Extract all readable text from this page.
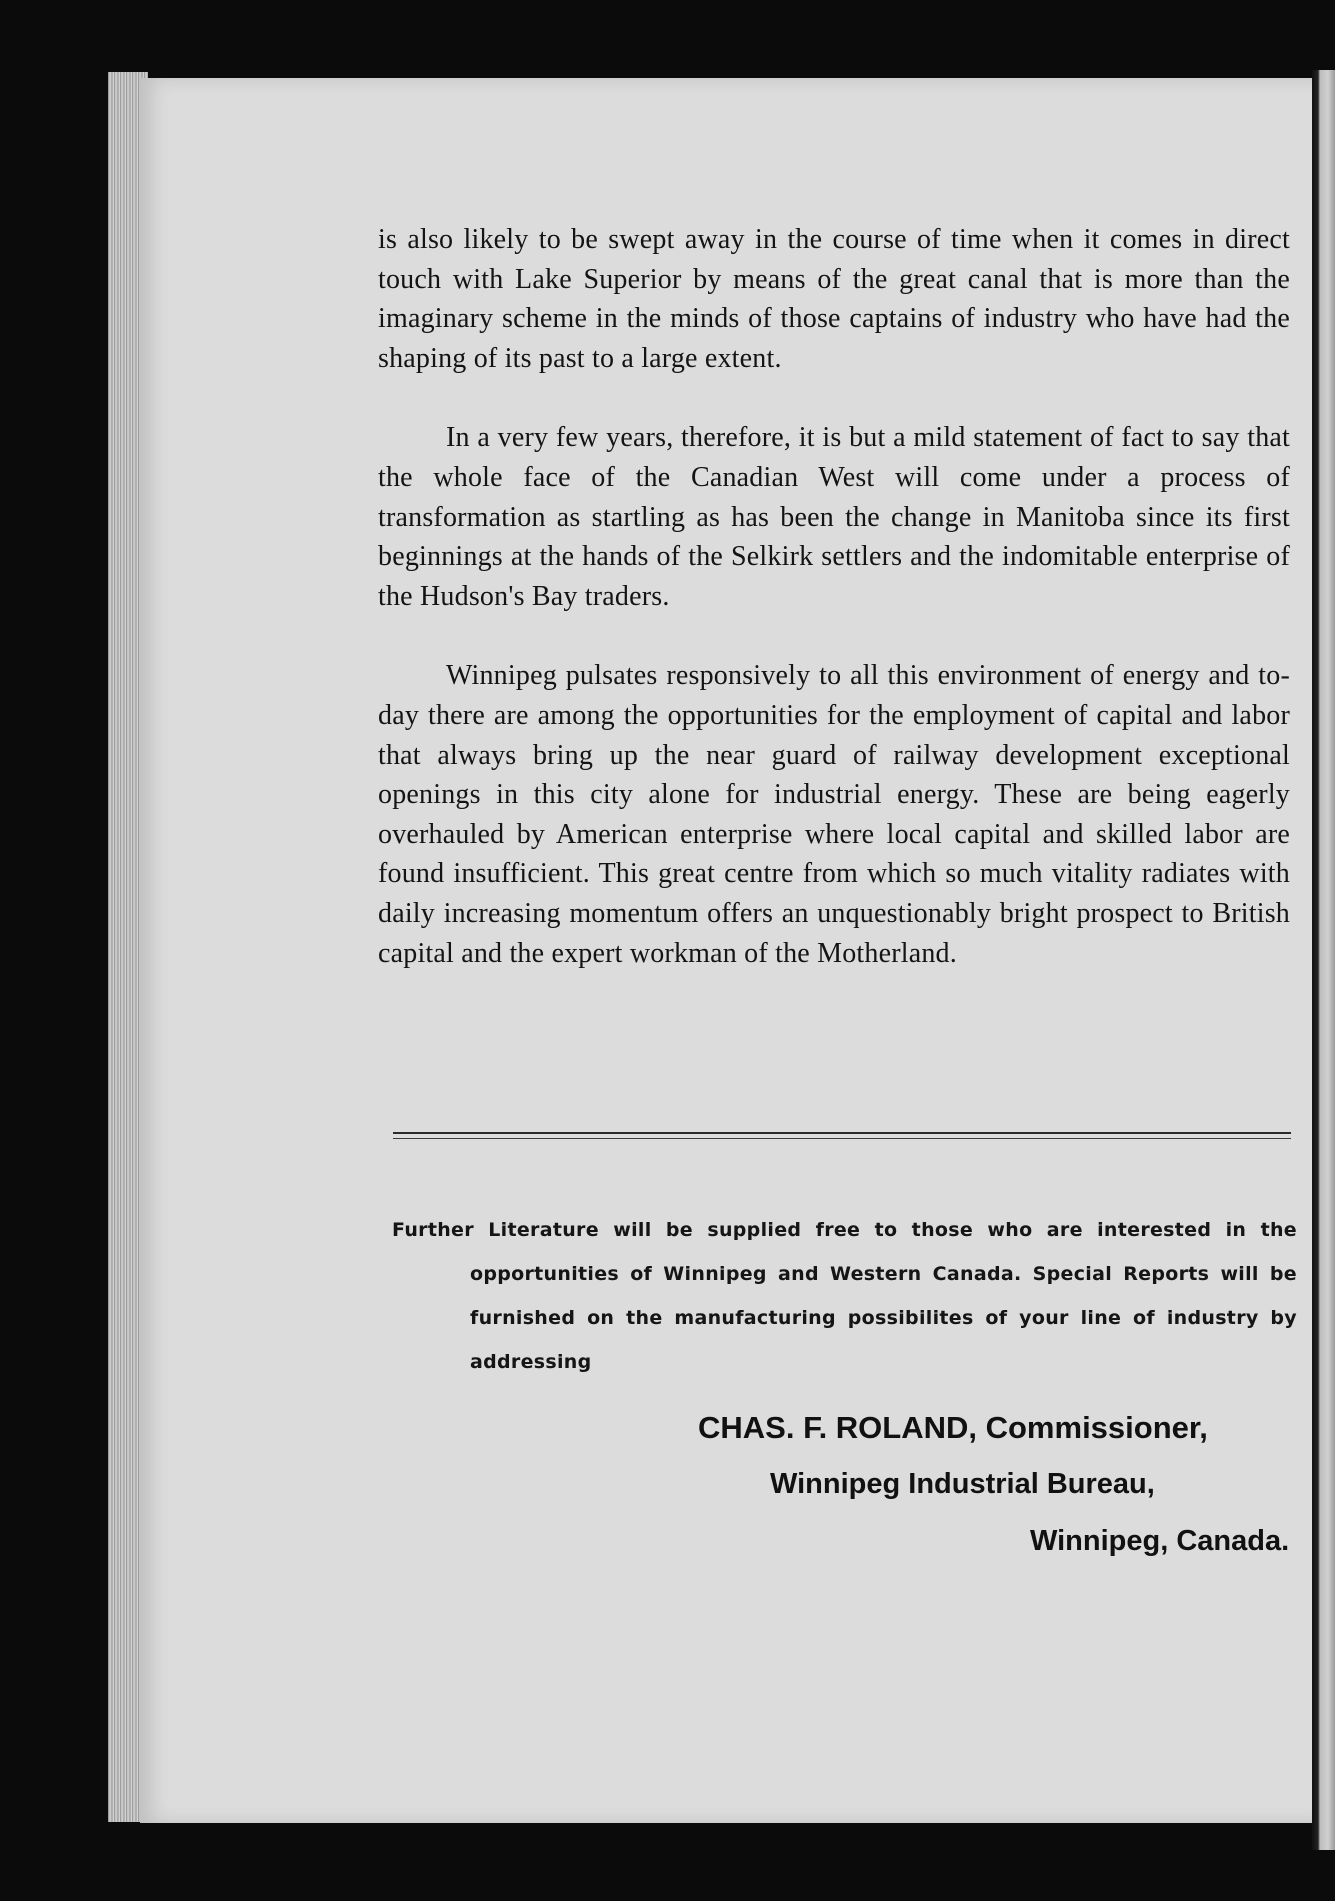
is also likely to be swept away in the course of time when it comes in direct touch with Lake Superior by means of the great canal that is more than the imaginary scheme in the minds of those captains of industry who have had the shaping of its past to a large extent.

In a very few years, therefore, it is but a mild statement of fact to say that the whole face of the Canadian West will come under a process of transformation as startling as has been the change in Manitoba since its first beginnings at the hands of the Selkirk settlers and the indomitable enterprise of the Hudson's Bay traders.

Winnipeg pulsates responsively to all this environment of energy and to-day there are among the opportunities for the employment of capital and labor that always bring up the near guard of railway development exceptional openings in this city alone for industrial energy. These are being eagerly overhauled by American enterprise where local capital and skilled labor are found insufficient. This great centre from which so much vitality radiates with daily increasing momentum offers an unquestionably bright prospect to British capital and the expert workman of the Motherland.

Further Literature will be supplied free to those who are interested in the opportunities of Winnipeg and Western Canada. Special Reports will be furnished on the manufacturing possibilites of your line of industry by addressing
CHAS. F. ROLAND, Commissioner,
Winnipeg Industrial Bureau,
Winnipeg, Canada.
